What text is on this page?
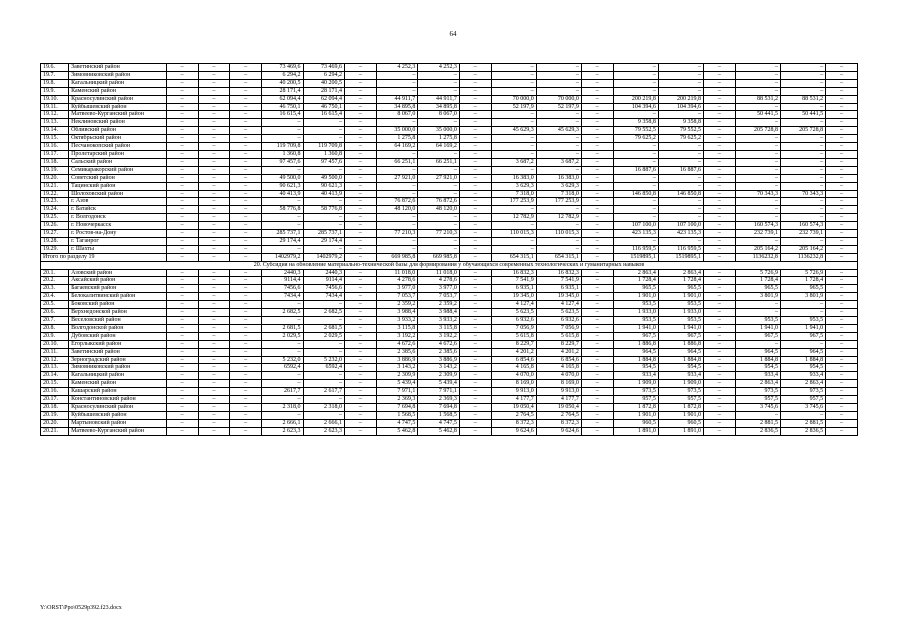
64
19.6.	Заветинский район	–	–	–	73 469,6	73 469,6	–	4 252,3	4 252,3	–	–	–	–	–	–	–	–	–	–
19.7.	Зимовниковский район	–	–	–	6 294,2	6 294,2	–	–	–	–	–	–	–	–	–	–	–	–	–
19.8.	Кагальницкий район	–	–	–	40 200,5	40 200,5	–	–	–	–	–	–	–	–	–	–	–	–	–
19.9.	Каменский район	–	–	–	28 171,4	28 171,4	–	–	–	–	–	–	–	–	–	–	–	–	–
19.10.	Красносулинский район	–	–	–	62 094,4	62 094,4	–	44 911,7	44 911,7	–	70 000,0	70 000,0	–	200 219,8	200 219,8	–	88 531,2	88 531,2	–
19.11.	Куйбышевский район	–	–	–	46 750,1	46 750,1	–	34 895,8	34 895,8	–	52 197,9	52 197,9	–	104 394,6	104 394,6	–	–	–	–
19.12.	Матвеево-Курганский район	–	–	–	16 615,4	16 615,4	–	8 067,0	8 067,0	–	–	–	–	–	–	–	50 441,5	50 441,5	–
19.13.	Неклиновский район	–	–	–	–	–	–	–	–	–	–	–	–	9 358,8	9 358,8	–	–	–	–
19.14.	Обливский район	–	–	–	–	–	–	35 000,0	35 000,0	–	45 629,3	45 629,3	–	79 552,5	79 552,5	–	205 728,8	205 728,8	–
19.15.	Октябрьский район	–	–	–	–	–	–	1 275,8	1 275,8	–	–	–	–	79 625,2	79 625,2	–	–	–	–
19.16.	Песчанокопский район	–	–	–	119 709,8	119 709,8	–	64 169,2	64 169,2	–	–	–	–	–	–	–	–	–	–
19.17.	Пролетарский район	–	–	–	1 360,8	1 360,8	–	–	–	–	–	–	–	–	–	–	–	–	–
19.18.	Сальский район	–	–	–	97 457,6	97 457,6	–	66 251,1	66 251,1	–	3 687,2	3 687,2	–	–	–	–	–	–	–
19.19.	Семикаракорский район	–	–	–	–	–	–	–	–	–	–	–	–	16 887,6	16 887,6	–	–	–	–
19.20.	Советский район	–	–	–	49 500,0	49 500,0	–	27 921,0	27 921,0	–	16 383,0	16 383,0	–	–	–	–	–	–	–
19.21.	Тацинский район	–	–	–	90 621,3	90 621,3	–	–	–	–	3 629,3	3 629,3	–	–	–	–	–	–	–
19.22.	Шолоховский район	–	–	–	40 413,9	40 413,9	–	–	–	–	7 318,0	7 318,0	–	146 850,8	146 850,8	–	70 343,3	70 343,3	–
19.23.	г. Азов	–	–	–	–	–	–	76 872,6	76 872,6	–	177 253,9	177 253,9	–	–	–	–	–	–	–
19.24.	г. Батайск	–	–	–	58 776,8	58 776,8	–	48 120,0	48 120,0	–	–	–	–	–	–	–	–	–	–
19.25.	г. Волгодонск	–	–	–	–	–	–	–	–	–	12 782,9	12 782,9	–	–	–	–	–	–	–
19.26.	г. Новочеркасск	–	–	–	–	–	–	–	–	–	–	–	–	107 100,0	107 100,0	–	160 574,3	160 574,3	–
19.27.	г. Ростов-на-Дону	–	–	–	285 737,1	285 737,1	–	77 210,3	77 210,3	–	110 015,3	110 015,3	–	423 135,3	423 135,3	–	232 739,1	232 739,1	–
19.28.	г. Таганрог	–	–	–	29 174,4	29 174,4	–	–	–	–	–	–	–	–	–	–	–	–	–
19.29.	г. Шахты	–	–	–	–	–	–	–	–	–	–	–	–	116 959,5	116 959,5	–	205 164,2	205 164,2	–
Итого по разделу 19		–	–	–	1402979,2	1402979,2	–	669 985,8	669 985,8	–	654 315,1	654 315,1	–	1519895,1	1519895,1	–	1136232,8	1136232,8	–
20. Субсидия на обновление материально-технической базы для формирования у обучающихся современных технологических и гуманитарных навыков																			
20.1.	Азовский район	–	–	–	2440,3	2440,3	–	11 018,0	11 018,0	–	16 832,3	16 832,3	–	2 863,4	2 863,4	–	5 726,9	5 726,9	–
20.2.	Аксайский район	–	–	–	9114,4	9114,4	–	4 278,6	4 278,6	–	7 541,9	7 541,9	–	1 728,4	1 728,4	–	1 728,4	1 728,4	–
20.3.	Багаевский район	–	–	–	7456,6	7456,6	–	3 977,0	3 977,0	–	6 935,1	6 935,1	–	965,5	965,5	–	965,5	965,5	–
20.4.	Белокалитвинский район	–	–	–	7434,4	7434,4	–	7 053,7	7 053,7	–	19 345,0	19 345,0	–	1 901,0	1 901,0	–	3 801,9	3 801,9	–
20.5.	Боковский район	–	–	–	–	–	–	2 359,2	2 359,2	–	4 127,4	4 127,4	–	953,5	953,5	–	–	–	–
20.6.	Верхнедонской район	–	–	–	2 682,5	2 682,5	–	3 988,4	3 988,4	–	5 623,5	5 623,5	–	1 933,0	1 933,0	–	–	–	–
20.7.	Веселовский район	–	–	–	–	–	–	3 933,2	3 933,2	–	6 932,6	6 932,6	–	953,5	953,5	–	953,5	953,5	–
20.8.	Волгодонской район	–	–	–	2 681,5	2 681,5	–	3 115,8	3 115,8	–	7 056,9	7 056,9	–	1 941,0	1 941,0	–	1 941,0	1 941,0	–
20.9.	Дубовский район	–	–	–	2 029,5	2 029,5	–	3 192,2	3 192,2	–	5 615,8	5 615,8	–	967,5	967,5	–	967,5	967,5	–
20.10.	Егорлыкский район	–	–	–	–	–	–	4 672,6	4 672,6	–	8 229,7	8 229,7	–	1 886,8	1 886,8	–	–	–	–
20.11.	Заветинский район	–	–	–	–	–	–	2 385,6	2 385,6	–	4 201,2	4 201,2	–	964,5	964,5	–	964,5	964,5	–
20.12.	Зерноградский район	–	–	–	5 232,0	5 232,0	–	3 886,9	3 886,9	–	6 854,6	6 854,6	–	1 884,8	1 884,8	–	1 884,8	1 884,8	–
20.13.	Зимовниковский район	–	–	–	6592,4	6592,4	–	3 143,2	3 143,2	–	4 165,8	4 165,8	–	954,5	954,5	–	954,5	954,5	–
20.14.	Кагальницкий район	–	–	–	–	–	–	2 309,9	2 309,9	–	4 070,0	4 070,0	–	933,4	933,4	–	933,4	933,4	–
20.15.	Каменский район	–	–	–	–	–	–	5 439,4	5 439,4	–	8 169,0	8 169,0	–	1 909,0	1 909,0	–	2 863,4	2 863,4	–
20.16.	Кашарский район	–	–	–	2617,7	2 617,7	–	7 971,1	7 971,1	–	9 913,0	9 913,0	–	973,5	973,5	–	973,5	973,5	–
20.17.	Константиновский район	–	–	–	–	–	–	2 369,3	2 369,3	–	4 177,7	4 177,7	–	957,5	957,5	–	957,5	957,5	–
20.18.	Красносулинский район	–	–	–	2 318,0	2 318,0	–	7 694,8	7 694,8	–	19 050,4	19 050,4	–	1 872,8	1 872,8	–	3 745,6	3 745,6	–
20.19.	Куйбышевский район	–	–	–	–	–	–	1 568,5	1 568,5	–	2 764,5	2 764,5	–	1 901,0	1 901,0	–	–	–	–
20.20.	Мартыновский район	–	–	–	2 666,1	2 666,1	–	4 747,5	4 747,5	–	8 372,3	8 372,3	–	960,5	960,5	–	2 881,5	2 881,5	–
20.21.	Матвеево-Курганский район	–	–	–	2 623,3	2 623,3	–	5 462,8	5 462,8	–	9 624,6	9 624,6	–	1 891,0	1 891,0	–	2 836,5	2 836,5	–
Y:\ORST\Ppo\0529p392.f23.docx
